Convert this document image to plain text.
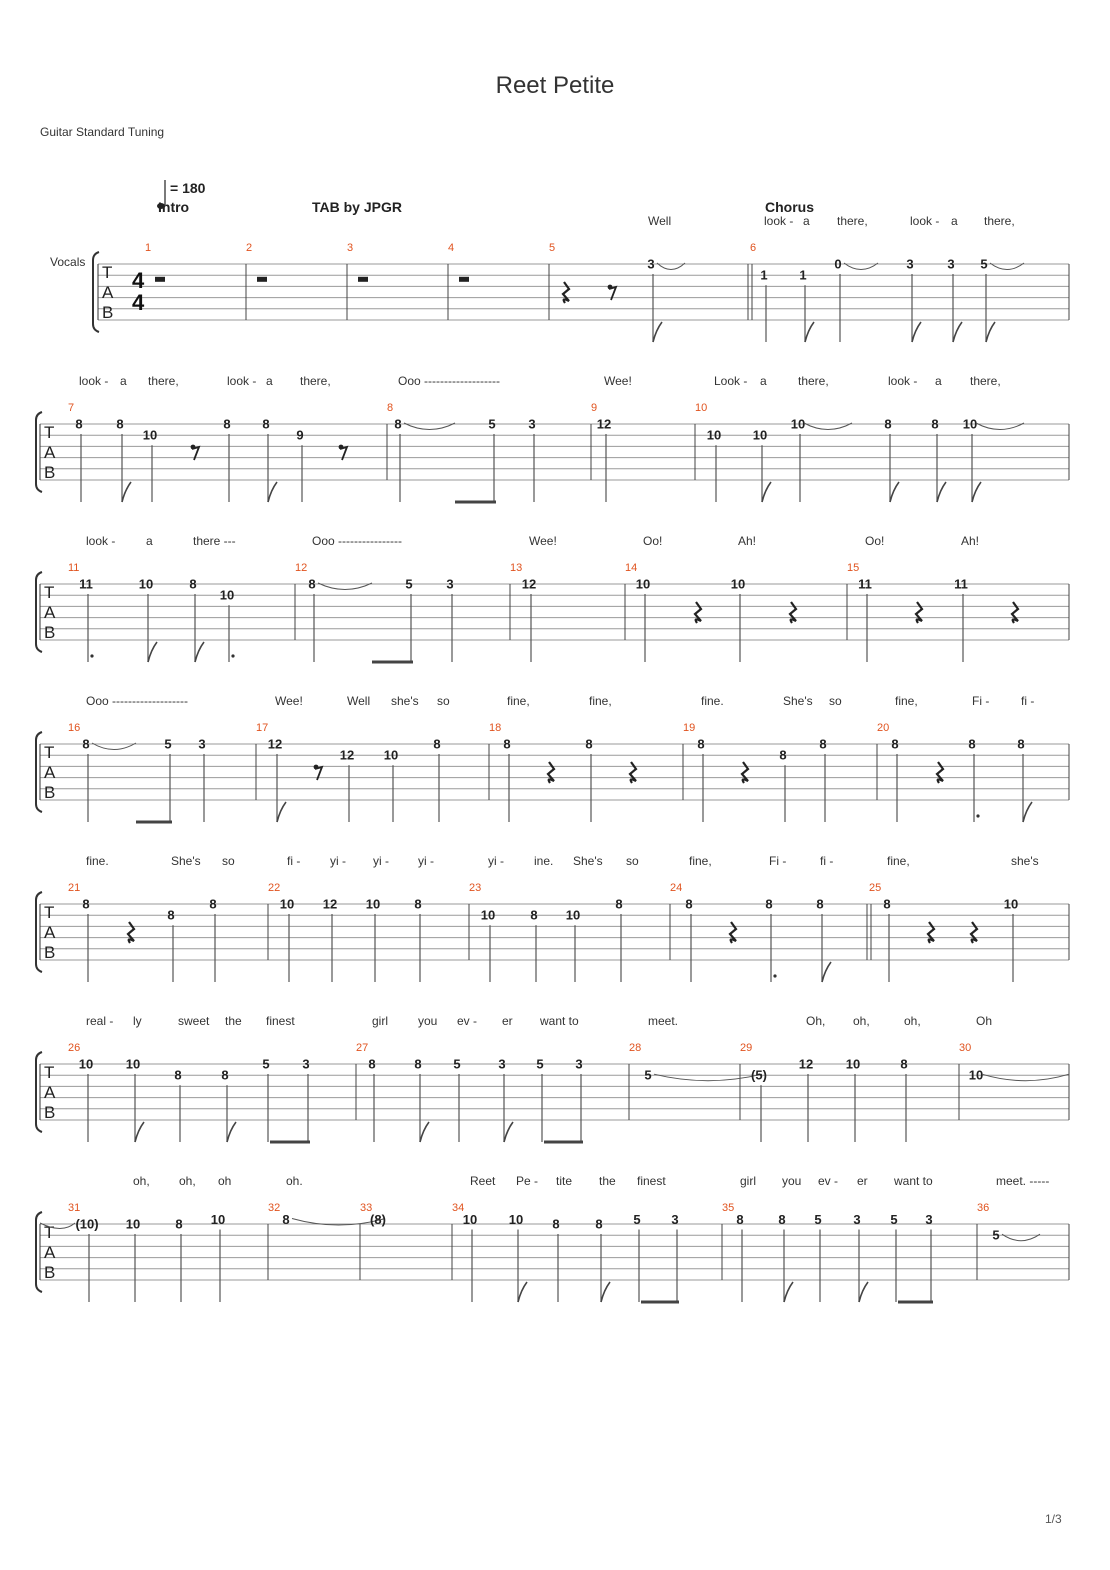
Reet Petite
Guitar Standard Tuning
T
A
B
1	2	3	4	5	6
3
1 1
0	3	3 5
Well	look - a there,	look - a there,
T
A
B
7	8	9	10
8	8
10
8 8
9
8	5	3	12
10 10
10	8	8 10
look - a there,	look - a there,	Ooo -------------------	Wee!	Look - a	there,	look - a there,
T
A
B
11	12	13	14	15
11	10	8
10
8	5	3	12	10	10	11	11
look -	a	there ---	Ooo ----------------	Wee!	Oo!	Ah!	Oo!	Ah!
T
A
B
16	17	18	19	20
8	5 3	12
12 10
8	8	8	8
8
8	8	8	8
Ooo -------------------	Wee!	Well she's so	fine,	fine,	fine.	She's so	fine,	Fi -	fi -
T
A
B
21	22	23	24	25
8
8
8	10 12 10	8
10	8 10
8	8	8	8	8	10
fine.	She's so	fi - yi - yi - yi -	yi -	ine. She's so	fine,	Fi -	fi -	fine,	she's
T
A
B
26	27	28	29	30
10	10
8	8
5	3	8	8 5	3 5 3
5	(5)
12	10	8
10
real - ly	sweet the finest	girl you ev - er want to	meet.	Oh, oh,	oh,	Oh
T
A
B
31	32	33	34	35	36
(10) 10	8 10	8	(8)	10 10 8	8 5 3	8	8 5 3 5 3
5
oh, oh, oh	oh.	Reet Pe - tite the finest	girl you ev - er want to	meet. -----
Vocals
4
4
= 180
Intro	TAB by JPGR	Chorus
1/3
